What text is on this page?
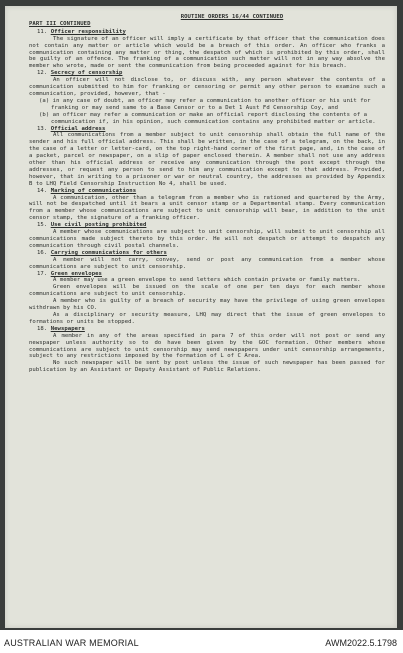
ROUTINE ORDERS 16/44 CONTINUED
PART III CONTINUED
11. Officer responsibility

The signature of an officer will imply a certificate by that officer that the communication does not contain any matter or article which would be a breach of this order. An officer who franks a communication containing any matter or thing, the despatch of which is prohibited by this order, shall be guilty of an offence. The franking of a communication such matter will not in any way absolve the member who wrote, made or sent the communication from being proceeded against for his breach.

12. Secrecy of censorship

An officer will not disclose to, or discuss with, any person whatever the contents of a communication submitted to him for franking or censoring or permit any other person to examine such a communication, provided, however, that -

(a) in any case of doubt, an officer may refer a communication to another officer or his unit for franking or may send same to a Base Censor or to a Det 1 Aust Fd Censorship Coy, and
(b) an officer may refer a communication or make an official report disclosing the contents of a communication if, in his opinion, such communication contains any prohibited matter or article.
13. Official address

All communications from a member subject to unit censorship shall obtain the full name of the sender and his full official address. This shall be written, in the case of a telegram, on the back, in the case of a letter or letter-card, on the top right-hand corner of the first page, and, in the case of a packet, parcel or newspaper, on a slip of paper enclosed therein. A member shall not use any address other than his official address or receive any communication through the post except through the addresses, or request any person to send to him any communication except to that address. Provided, however, that in writing to a prisoner or war or neutral country, the addresses as provided by Appendix B to LHQ Field Censorship Instruction No 4, shall be used.

14. Marking of communications

A communication, other than a telegram from a member who is rationed and quartered by the Army, will not be despatched until it bears a unit censor stamp or a Departmental stamp. Every communication from a member whose communications are subject to unit censorship will bear, in addition to the unit censor stamp, the signature of a franking officer.

15. Use civil posting prohibited

A member whose communications are subject to unit censorship, will submit to unit censorship all communications made subject thereto by this order. He will not despatch or attempt to despatch any communication through civil postal channels.

16. Carrying communications for others

A member will not carry, convey, send or post any communication from a member whose communications are subject to unit censorship.

17. Green envelopes

A member may use a green envelope to send letters which contain private or family matters.

Green envelopes will be issued on the scale of one per ten days for each member whose communications are subject to unit censorship.

A member who is guilty of a breach of security may have the privilege of using green envelopes withdrawn by his CO.

As a disciplinary or security measure, LHQ may direct that the issue of green envelopes to formations or units be stopped.

18. Newspapers

A member in any of the areas specified in para 7 of this order will not post or send any newspaper unless authority so to do have been given by the GOC formation. Other members whose communications are subject to unit censorship may send newspapers under unit censorship arrangements, subject to any restrictions imposed by the formation of L of C Area.

No such newspaper will be sent by post unless the issue of such newspaper has been passed for publication by an Assistant or Deputy Assistant of Public Relations.

AUSTRALIAN WAR MEMORIAL	AWM2022.5.1798
